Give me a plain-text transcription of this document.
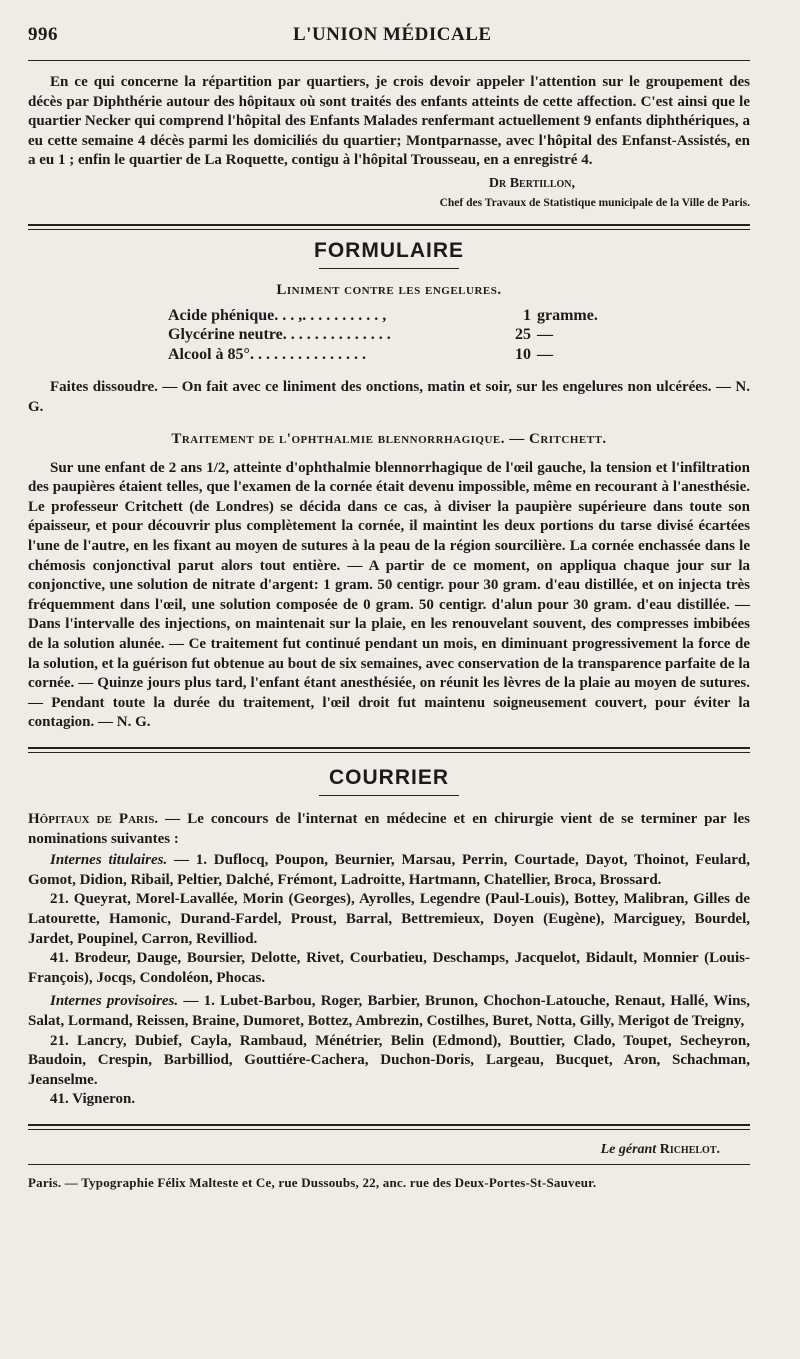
996	L'UNION MÉDICALE

En ce qui concerne la répartition par quartiers, je crois devoir appeler l'attention sur le groupement des décès par Diphthérie autour des hôpitaux où sont traités des enfants atteints de cette affection. C'est ainsi que le quartier Necker qui comprend l'hôpital des Enfants Malades renfermant actuellement 9 enfants diphthériques, a eu cette semaine 4 décès parmi les domiciliés du quartier; Montparnasse, avec l'hôpital des Enfanst-Assistés, en a eu 1 ; enfin le quartier de La Roquette, contigu à l'hôpital Trousseau, en a enregistré 4.

Dr Bertillon,
Chef des Travaux de Statistique municipale de la Ville de Paris.
FORMULAIRE
Liniment contre les engelures.
Acide phénique. . . ,. . . . . . . . . . ,	1	gramme.
Glycérine neutre. . . . . . . . . . . . . .	25	—
Alcool à 85°. . . . . . . . . . . . . . .	10	—

Faites dissoudre. — On fait avec ce liniment des onctions, matin et soir, sur les engelures non ulcérées. — N. G.

Traitement de l'ophthalmie blennorrhagique. — Critchett.

Sur une enfant de 2 ans 1/2, atteinte d'ophthalmie blennorrhagique de l'œil gauche, la tension et l'infiltration des paupières étaient telles, que l'examen de la cornée était devenu impossible, même en recourant à l'anesthésie. Le professeur Critchett (de Londres) se décida dans ce cas, à diviser la paupière supérieure dans toute son épaisseur, et pour découvrir plus complètement la cornée, il maintint les deux portions du tarse divisé écartées l'une de l'autre, en les fixant au moyen de sutures à la peau de la région sourcilière. La cornée enchassée dans le chémosis conjonctival parut alors tout entière. — A partir de ce moment, on appliqua chaque jour sur la conjonctive, une solution de nitrate d'argent: 1 gram. 50 centigr. pour 30 gram. d'eau distillée, et on injecta très fréquemment dans l'œil, une solution composée de 0 gram. 50 centigr. d'alun pour 30 gram. d'eau distillée. — Dans l'intervalle des injections, on maintenait sur la plaie, en les renouvelant souvent, des compresses imbibées de la solution alunée. — Ce traitement fut continué pendant un mois, en diminuant progressivement la force de la solution, et la guérison fut obtenue au bout de six semaines, avec conservation de la transparence parfaite de la cornée. — Quinze jours plus tard, l'enfant étant anesthésiée, on réunit les lèvres de la plaie au moyen de sutures. — Pendant toute la durée du traitement, l'œil droit fut maintenu soigneusement couvert, pour éviter la contagion. — N. G.

COURRIER

Hôpitaux de Paris. — Le concours de l'internat en médecine et en chirurgie vient de se terminer par les nominations suivantes :

Internes titulaires. — 1. Duflocq, Poupon, Beurnier, Marsau, Perrin, Courtade, Dayot, Thoinot, Feulard, Gomot, Didion, Ribail, Peltier, Dalché, Frémont, Ladroitte, Hartmann, Chatellier, Broca, Brossard.

21. Queyrat, Morel-Lavallée, Morin (Georges), Ayrolles, Legendre (Paul-Louis), Bottey, Malibran, Gilles de Latourette, Hamonic, Durand-Fardel, Proust, Barral, Bettremieux, Doyen (Eugène), Marciguey, Bourdel, Jardet, Poupinel, Carron, Revilliod.

41. Brodeur, Dauge, Boursier, Delotte, Rivet, Courbatieu, Deschamps, Jacquelot, Bidault, Monnier (Louis-François), Jocqs, Condoléon, Phocas.

Internes provisoires. — 1. Lubet-Barbou, Roger, Barbier, Brunon, Chochon-Latouche, Renaut, Hallé, Wins, Salat, Lormand, Reissen, Braine, Dumoret, Bottez, Ambrezin, Costilhes, Buret, Notta, Gilly, Merigot de Treigny,

21. Lancry, Dubief, Cayla, Rambaud, Ménétrier, Belin (Edmond), Bouttier, Clado, Toupet, Secheyron, Baudoin, Crespin, Barbilliod, Gouttiére-Cachera, Duchon-Doris, Largeau, Bucquet, Aron, Schachman, Jeanselme.

41. Vigneron.

Le gérant Richelot.
Paris. — Typographie Félix Malteste et Ce, rue Dussoubs, 22, anc. rue des Deux-Portes-St-Sauveur.
